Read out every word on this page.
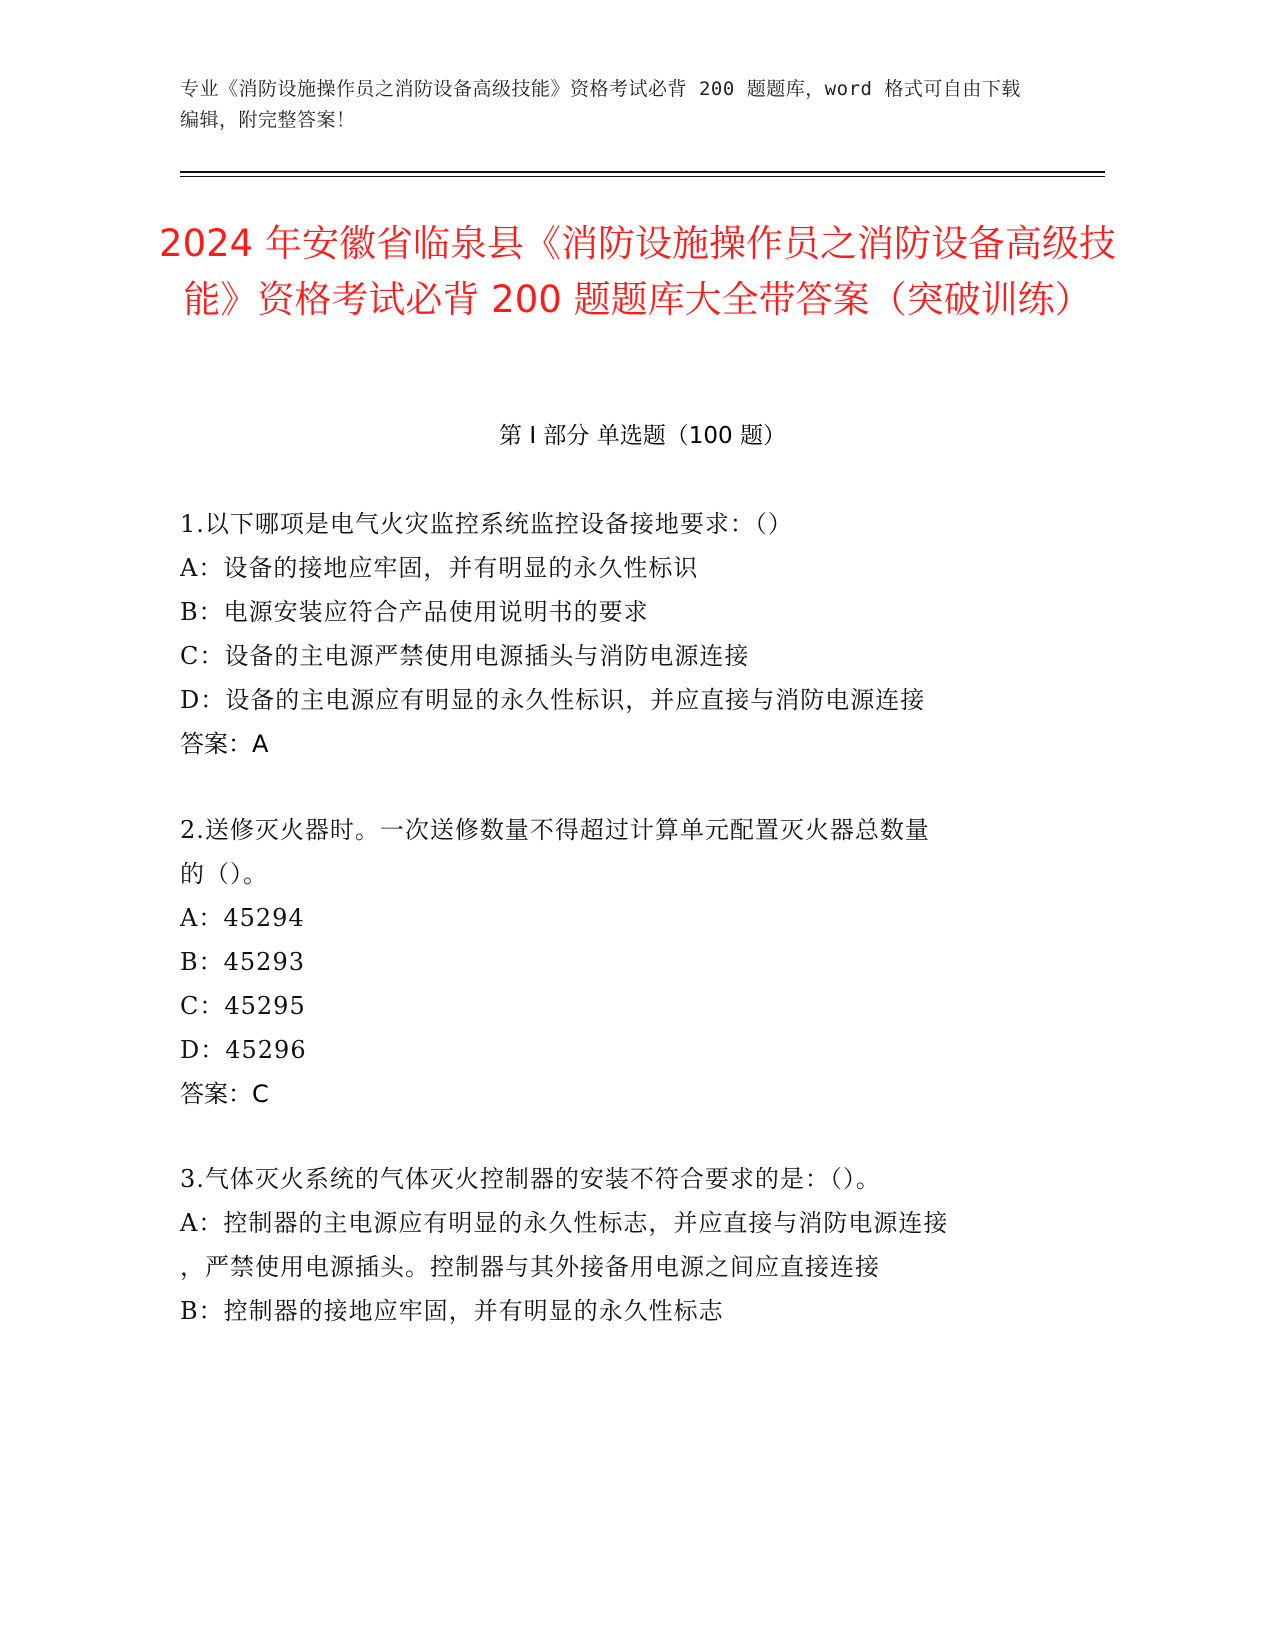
专业《消防设施操作员之消防设备高级技能》资格考试必背 200 题题库，word 格式可自由下载编辑，附完整答案！
2024 年安徽省临泉县《消防设施操作员之消防设备高级技能》资格考试必背 200 题题库大全带答案（突破训练）
第 I 部分 单选题（100 题）
1.以下哪项是电气火灾监控系统监控设备接地要求：（）
A：设备的接地应牢固，并有明显的永久性标识
B：电源安装应符合产品使用说明书的要求
C：设备的主电源严禁使用电源插头与消防电源连接
D：设备的主电源应有明显的永久性标识，并应直接与消防电源连接
答案：A
2.送修灭火器时。一次送修数量不得超过计算单元配置灭火器总数量
的（）。
A：45294
B：45293
C：45295
D：45296
答案：C
3.气体灭火系统的气体灭火控制器的安装不符合要求的是：（）。
A：控制器的主电源应有明显的永久性标志，并应直接与消防电源连接
，严禁使用电源插头。控制器与其外接备用电源之间应直接连接
B：控制器的接地应牢固，并有明显的永久性标志
